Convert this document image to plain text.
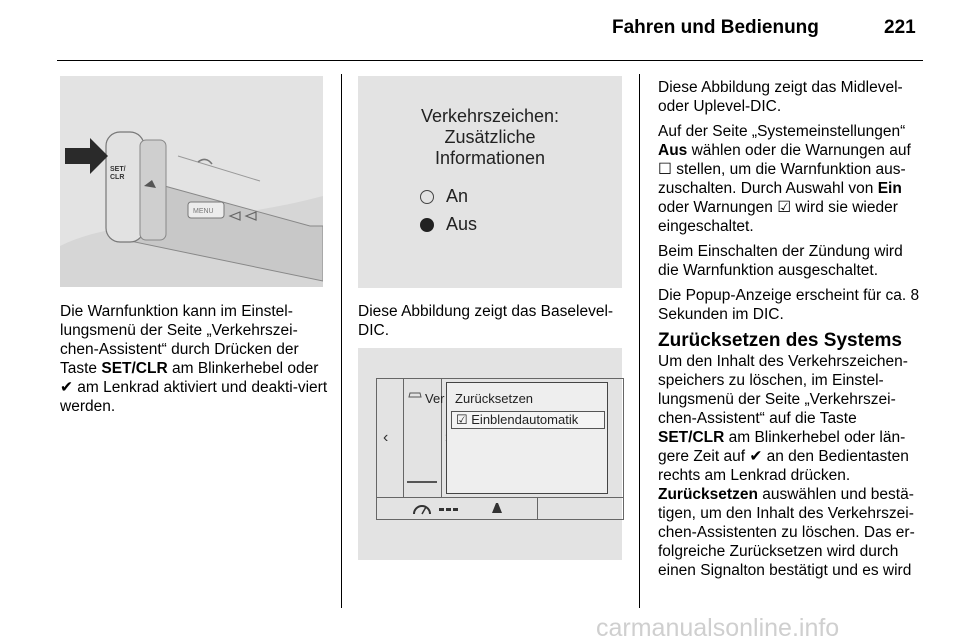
Fahren und Bedienung	221
SET/
CLR
MENU

Die Warnfunktion kann im Einstel-lungsmenü der Seite „Verkehrszei-chen-Assistent“ durch Drücken der Taste SET/CLR am Blinkerhebel oder
✔ am Lenkrad aktiviert und deakti-viert werden.

Verkehrszeichen:
Zusätzliche
Informationen
An
Aus
Diese Abbildung zeigt das Baselevel-DIC.
‹
Ver Zurücksetzen
☑ Einblendautomatik

Diese Abbildung zeigt das Midlevel-oder Uplevel-DIC.

Auf der Seite „Systemeinstellungen“ Aus wählen oder die Warnungen auf ☐ stellen, um die Warnfunktion aus-zuschalten. Durch Auswahl von Ein oder Warnungen ☑ wird sie wieder eingeschaltet.

Beim Einschalten der Zündung wird die Warnfunktion ausgeschaltet.

Die Popup-Anzeige erscheint für ca. 8 Sekunden im DIC.

Zurücksetzen des Systems

Um den Inhalt des Verkehrszeichen-speichers zu löschen, im Einstel-lungsmenü der Seite „Verkehrszei-chen-Assistent“ auf die Taste SET/CLR am Blinkerhebel oder län-gere Zeit auf ✔ an den Bedientasten rechts am Lenkrad drücken.

Zurücksetzen auswählen und bestä-tigen, um den Inhalt des Verkehrszei-chen-Assistenten zu löschen. Das er-folgreiche Zurücksetzen wird durch einen Signalton bestätigt und es wird

carmanualsonline.info
